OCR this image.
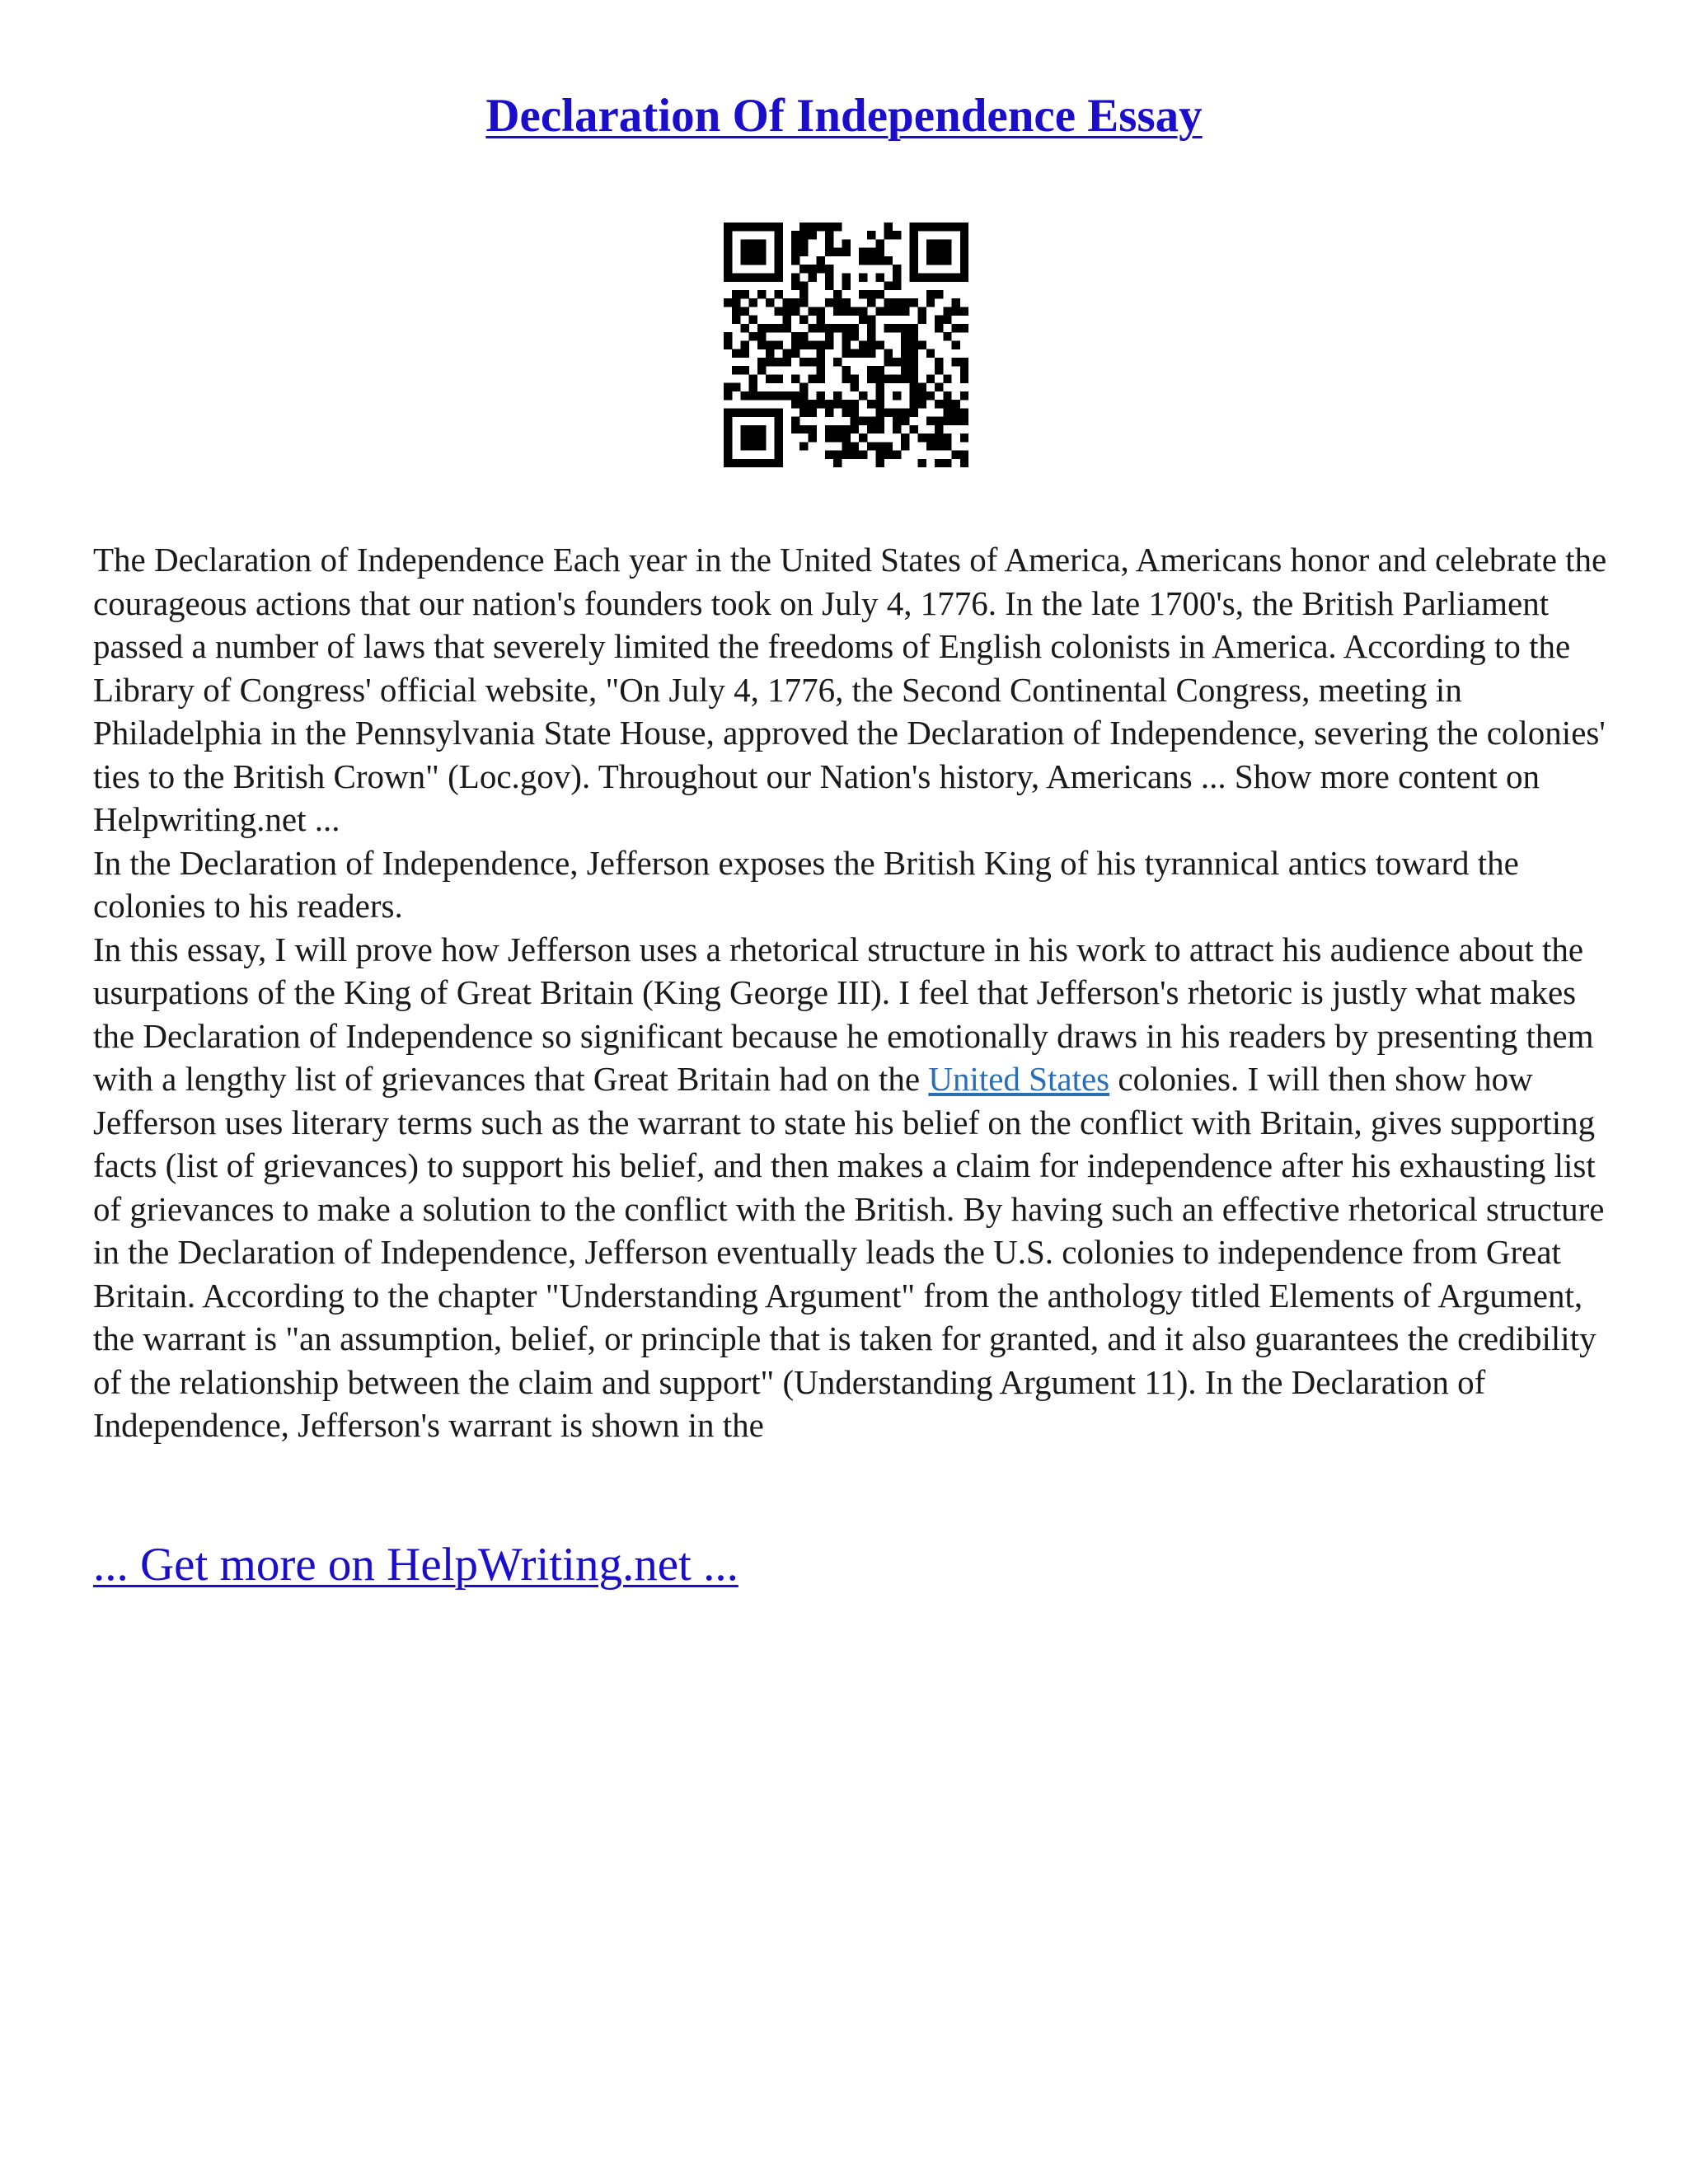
Declaration Of Independence Essay

The Declaration of Independence Each year in the United States of America, Americans honor and celebrate the courageous actions that our nation's founders took on July 4, 1776. In the late 1700's, the British Parliament passed a number of laws that severely limited the freedoms of English colonists in America. According to the Library of Congress' official website, "On July 4, 1776, the Second Continental Congress, meeting in Philadelphia in the Pennsylvania State House, approved the Declaration of Independence, severing the colonies' ties to the British Crown" (Loc.gov). Throughout our Nation's history, Americans ... Show more content on Helpwriting.net ...

In the Declaration of Independence, Jefferson exposes the British King of his tyrannical antics toward the colonies to his readers.

In this essay, I will prove how Jefferson uses a rhetorical structure in his work to attract his audience about the usurpations of the King of Great Britain (King George III). I feel that Jefferson's rhetoric is justly what makes the Declaration of Independence so significant because he emotionally draws in his readers by presenting them with a lengthy list of grievances that Great Britain had on the United States colonies. I will then show how Jefferson uses literary terms such as the warrant to state his belief on the conflict with Britain, gives supporting facts (list of grievances) to support his belief, and then makes a claim for independence after his exhausting list of grievances to make a solution to the conflict with the British. By having such an effective rhetorical structure in the Declaration of Independence, Jefferson eventually leads the U.S. colonies to independence from Great Britain. According to the chapter "Understanding Argument" from the anthology titled Elements of Argument, the warrant is "an assumption, belief, or principle that is taken for granted, and it also guarantees the credibility of the relationship between the claim and support" (Understanding Argument 11). In the Declaration of Independence, Jefferson's warrant is shown in the

... Get more on HelpWriting.net ...
